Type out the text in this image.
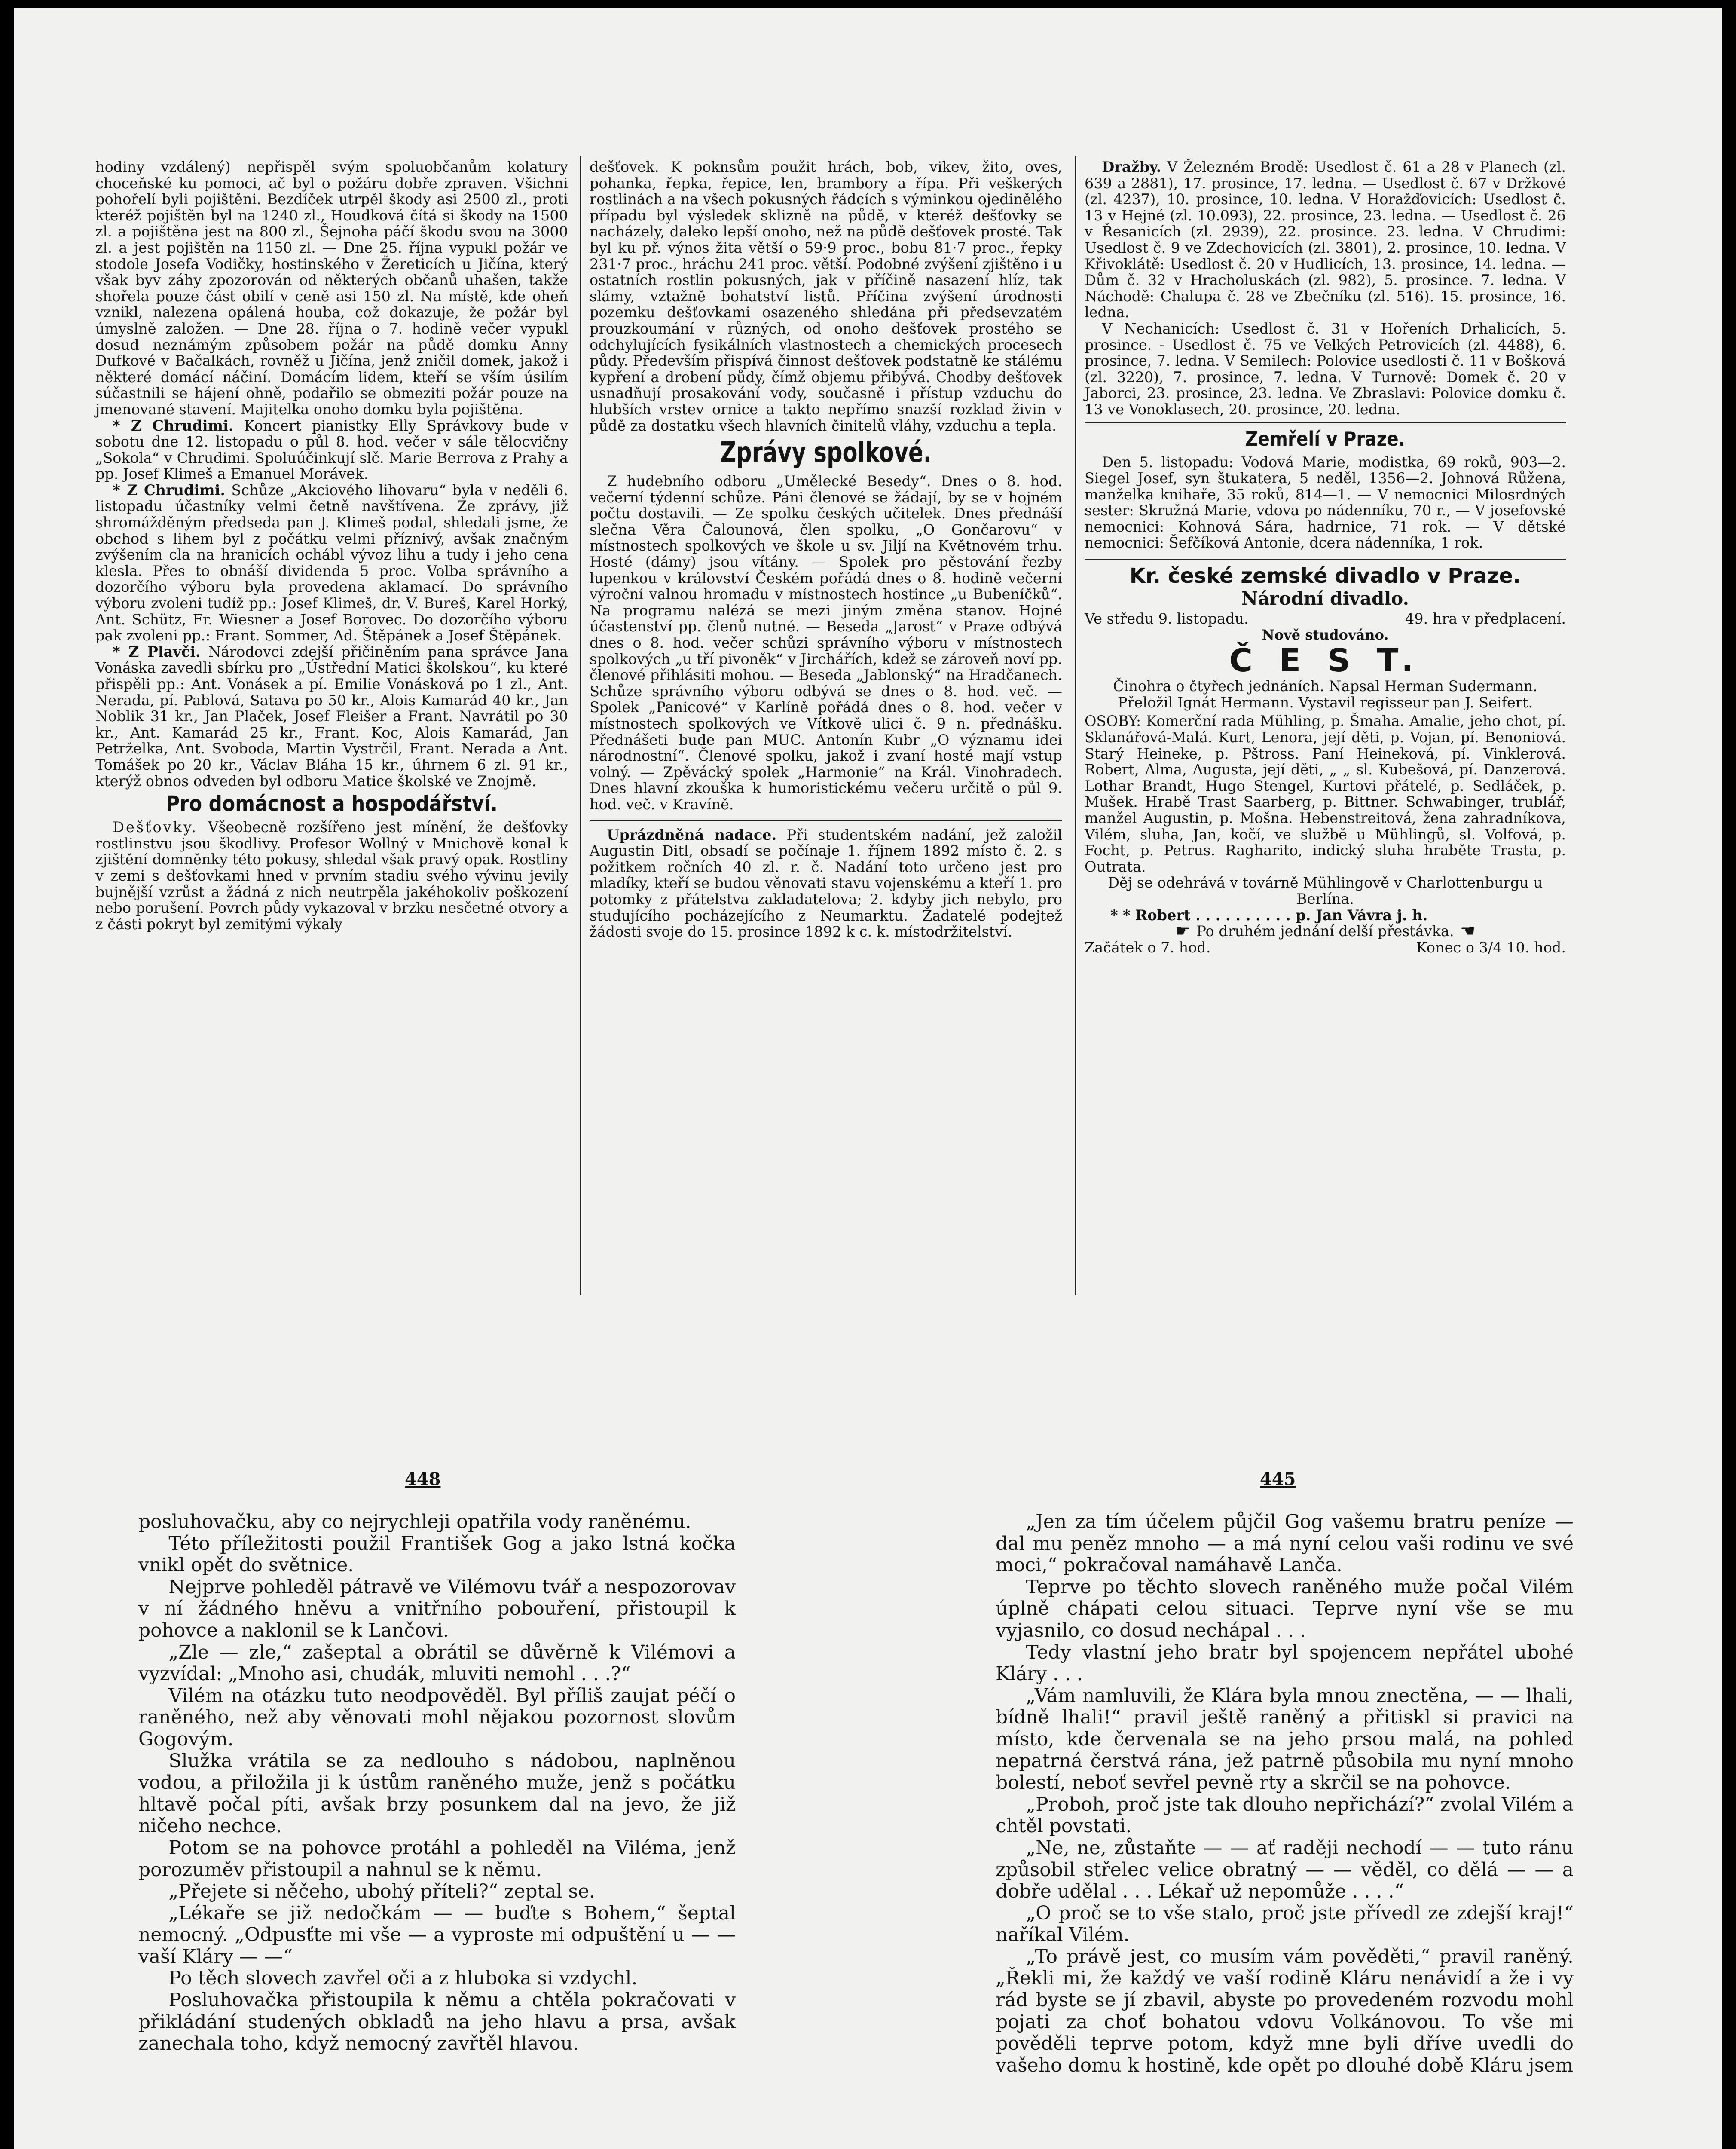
hodiny vzdálený) nepřispěl svým spoluobčanům kolatury choceňské ku pomoci, ač byl o požáru dobře zpraven. Všichni pohořelí byli pojištěni. Bezdíček utrpěl škody asi 2500 zl., proti kteréž pojištěn byl na 1240 zl., Houdková čítá si škody na 1500 zl. a pojištěna jest na 800 zl., Šejnoha páčí škodu svou na 3000 zl. a jest pojištěn na 1150 zl. — Dne 25. října vypukl požár ve stodole Josefa Vodičky, hostinského v Žereticích u Jičína, který však byv záhy zpozorován od některých občanů uhašen, takže shořela pouze část obilí v ceně asi 150 zl. Na místě, kde oheň vznikl, nalezena opálená houba, což dokazuje, že požár byl úmyslně založen. — Dne 28. října o 7. hodině večer vypukl dosud neznámým způsobem požár na půdě domku Anny Dufkové v Bačalkách, rovněž u Jičína, jenž zničil domek, jakož i některé domácí náčiní. Domácím lidem, kteří se vším úsilím súčastnili se hájení ohně, podařilo se obmeziti požár pouze na jmenované stavení. Majitelka onoho domku byla pojištěna.

* Z Chrudimi. Koncert pianistky Elly Správkovy bude v sobotu dne 12. listopadu o půl 8. hod. večer v sále tělocvičny „Sokola“ v Chrudimi. Spoluúčinkují slč. Marie Berrova z Prahy a pp. Josef Klimeš a Emanuel Morávek.

* Z Chrudimi. Schůze „Akciového lihovaru“ byla v neděli 6. listopadu účastníky velmi četně navštívena. Ze zprávy, již shromážděným předseda pan J. Klimeš podal, shledali jsme, že obchod s lihem byl z počátku velmi příznivý, avšak značným zvýšením cla na hranicích ochábl vývoz lihu a tudy i jeho cena klesla. Přes to obnáší dividenda 5 proc. Volba správního a dozorčího výboru byla provedena aklamací. Do správního výboru zvoleni tudíž pp.: Josef Klimeš, dr. V. Bureš, Karel Horký, Ant. Schütz, Fr. Wiesner a Josef Borovec. Do dozorčího výboru pak zvoleni pp.: Frant. Sommer, Ad. Štěpánek a Josef Štěpánek.

* Z Plavči. Národovci zdejší přičiněním pana správce Jana Vonáska zavedli sbírku pro „Ústřední Matici školskou“, ku které přispěli pp.: Ant. Vonásek a pí. Emilie Vonásková po 1 zl., Ant. Nerada, pí. Pablová, Satava po 50 kr., Alois Kamarád 40 kr., Jan Noblik 31 kr., Jan Plaček, Josef Fleišer a Frant. Navrátil po 30 kr., Ant. Kamarád 25 kr., Frant. Koc, Alois Kamarád, Jan Petrželka, Ant. Svoboda, Martin Vystrčil, Frant. Nerada a Ant. Tomášek po 20 kr., Václav Bláha 15 kr., úhrnem 6 zl. 91 kr., kterýž obnos odveden byl odboru Matice školské ve Znojmě.

Pro domácnost a hospodářství.

Dešťovky. Všeobecně rozšířeno jest mínění, že dešťovky rostlinstvu jsou škodlivy. Profesor Wollný v Mnichově konal k zjištění domněnky této pokusy, shledal však pravý opak. Rostliny v zemi s dešťovkami hned v prvním stadiu svého vývinu jevily bujnější vzrůst a žádná z nich neutrpěla jakéhokoliv poškození nebo porušení. Povrch půdy vykazoval v brzku nesčetné otvory a z části pokryt byl zemitými výkaly

dešťovek. K poknsům použit hrách, bob, vikev, žito, oves, pohanka, řepka, řepice, len, brambory a řípa. Při veškerých rostlinách a na všech pokusných řádcích s výminkou ojedinělého případu byl výsledek sklizně na půdě, v kteréž dešťovky se nacházely, daleko lepší onoho, než na půdě dešťovek prosté. Tak byl ku př. výnos žita větší o 59·9 proc., bobu 81·7 proc., řepky 231·7 proc., hráchu 241 proc. větší. Podobné zvýšení zjištěno i u ostatních rostlin pokusných, jak v příčině nasazení hlíz, tak slámy, vztažně bohatství listů. Příčina zvýšení úrodnosti pozemku dešťovkami osazeného shledána při předsevzatém prouzkoumání v různých, od onoho dešťovek prostého se odchylujících fysikálních vlastnostech a chemických procesech půdy. Především přispívá činnost dešťovek podstatně ke stálému kypření a drobení půdy, čímž objemu přibývá. Chodby dešťovek usnadňují prosakování vody, současně i přístup vzduchu do hlubších vrstev ornice a takto nepřímo snazší rozklad živin v půdě za dostatku všech hlavních činitelů vláhy, vzduchu a tepla.

Zprávy spolkové.

Z hudebního odboru „Umělecké Besedy“. Dnes o 8. hod. večerní týdenní schůze. Páni členové se žádají, by se v hojném počtu dostavili. — Ze spolku českých učitelek. Dnes přednáší slečna Věra Čalounová, člen spolku, „O Gončarovu“ v místnostech spolkových ve škole u sv. Jiljí na Květnovém trhu. Hosté (dámy) jsou vítány. — Spolek pro pěstování řezby lupenkou v království Českém pořádá dnes o 8. hodině večerní výroční valnou hromadu v místnostech hostince „u Bubeníčků“. Na programu nalézá se mezi jiným změna stanov. Hojné účastenství pp. členů nutné. — Beseda „Jarost“ v Praze odbývá dnes o 8. hod. večer schůzi správního výboru v místnostech spolkových „u tří pivoněk“ v Jirchářích, kdež se zároveň noví pp. členové přihlásiti mohou. — Beseda „Jablonský“ na Hradčanech. Schůze správního výboru odbývá se dnes o 8. hod. več. — Spolek „Panicové“ v Karlíně pořádá dnes o 8. hod. večer v místnostech spolkových ve Vítkově ulici č. 9 n. přednášku. Přednášeti bude pan MUC. Antonín Kubr „O významu idei národnostní“. Členové spolku, jakož i zvaní hosté mají vstup volný. — Zpěvácký spolek „Harmonie“ na Král. Vinohradech. Dnes hlavní zkouška k humoristickému večeru určitě o půl 9. hod. več. v Kravíně.

Uprázdněná nadace. Při studentském nadání, jež založil Augustin Ditl, obsadí se počínaje 1. říjnem 1892 místo č. 2. s požitkem ročních 40 zl. r. č. Nadání toto určeno jest pro mladíky, kteří se budou věnovati stavu vojenskému a kteří 1. pro potomky z přátelstva zakladatelova; 2. kdyby jich nebylo, pro studujícího pocházejícího z Neumarktu. Žadatelé podejtež žádosti svoje do 15. prosince 1892 k c. k. místodržitelství.

Dražby. V Železném Brodě: Usedlost č. 61 a 28 v Planech (zl. 639 a 2881), 17. prosince, 17. ledna. — Usedlost č. 67 v Držkové (zl. 4237), 10. prosince, 10. ledna. V Horažďovicích: Usedlost č. 13 v Hejné (zl. 10.093), 22. prosince, 23. ledna. — Usedlost č. 26 v Řesanicích (zl. 2939), 22. prosince. 23. ledna. V Chrudimi: Usedlost č. 9 ve Zdechovicích (zl. 3801), 2. prosince, 10. ledna. V Křivoklátě: Usedlost č. 20 v Hudlicích, 13. prosince, 14. ledna. — Dům č. 32 v Hracholuskách (zl. 982), 5. prosince. 7. ledna. V Náchodě: Chalupa č. 28 ve Zbečníku (zl. 516). 15. prosince, 16. ledna.

V Nechanicích: Usedlost č. 31 v Hořeních Drhalicích, 5. prosince. - Usedlost č. 75 ve Velkých Petrovicích (zl. 4488), 6. prosince, 7. ledna. V Semilech: Polovice usedlosti č. 11 v Bošková (zl. 3220), 7. prosince, 7. ledna. V Turnově: Domek č. 20 v Jaborci, 23. prosince, 23. ledna. Ve Zbraslavi: Polovice domku č. 13 ve Vonoklasech, 20. prosince, 20. ledna.

Zemřelí v Praze.

Den 5. listopadu: Vodová Marie, modistka, 69 roků, 903—2. Siegel Josef, syn štukatera, 5 neděl, 1356—2. Johnová Růžena, manželka knihaře, 35 roků, 814—1. — V nemocnici Milosrdných sester: Skružná Marie, vdova po nádenníku, 70 r., — V josefovské nemocnici: Kohnová Sára, hadrnice, 71 rok. — V dětské nemocnici: Šefčíková Antonie, dcera nádenníka, 1 rok.

Kr. české zemské divadlo v Praze.
Národní divadlo.
Ve středu 9. listopadu.	49. hra v předplacení.
Nově studováno.
Č E S T.

Činohra o čtyřech jednáních. Napsal Herman Sudermann. Přeložil Ignát Hermann. Vystavil regisseur pan J. Seifert.

OSOBY: Komerční rada Mühling, p. Šmaha. Amalie, jeho chot, pí. Sklanářová-Malá. Kurt, Lenora, její děti, p. Vojan, pí. Benoniová. Starý Heineke, p. Pštross. Paní Heineková, pí. Vinklerová. Robert, Alma, Augusta, její děti, „ „ sl. Kubešová, pí. Danzerová. Lothar Brandt, Hugo Stengel, Kurtovi přátelé, p. Sedláček, p. Mušek. Hrabě Trast Saarberg, p. Bittner. Schwabinger, trublář, manžel Augustin, p. Mošna. Hebenstreitová, žena zahradníkova, Vilém, sluha, Jan, kočí, ve službě u Mühlingů, sl. Volfová, p. Focht, p. Petrus. Ragharito, indický sluha hraběte Trasta, p. Outrata.

Děj se odehrává v továrně Mühlingově v Charlottenburgu u Berlína.

* * Robert . . . . . . . . . . p. Jan Vávra j. h.

☛ Po druhém jednání delší přestávka. ☚
Začátek o 7. hod.	Konec o 3/4 10. hod.
448	445

posluhovačku, aby co nejrychleji opatřila vody raněnému.

Této příležitosti použil František Gog a jako lstná kočka vnikl opět do světnice.

Nejprve pohleděl pátravě ve Vilémovu tvář a nespozorovav v ní žádného hněvu a vnitřního pobouření, přistoupil k pohovce a naklonil se k Lančovi.

„Zle — zle,“ zašeptal a obrátil se důvěrně k Vilémovi a vyzvídal: „Mnoho asi, chudák, mluviti nemohl . . .?“

Vilém na otázku tuto neodpověděl. Byl příliš zaujat péčí o raněného, než aby věnovati mohl nějakou pozornost slovům Gogovým.

Služka vrátila se za nedlouho s nádobou, naplněnou vodou, a přiložila ji k ústům raněného muže, jenž s počátku hltavě počal píti, avšak brzy posunkem dal na jevo, že již ničeho nechce.

Potom se na pohovce protáhl a pohleděl na Viléma, jenž porozuměv přistoupil a nahnul se k němu.

„Přejete si něčeho, ubohý příteli?“ zeptal se.

„Lékaře se již nedočkám — — buďte s Bohem,“ šeptal nemocný. „Odpusťte mi vše — a vyproste mi odpuštění u — — vaší Kláry — —“

Po těch slovech zavřel oči a z hluboka si vzdychl.

Posluhovačka přistoupila k němu a chtěla pokračovati v přikládání studených obkladů na jeho hlavu a prsa, avšak zanechala toho, když nemocný zavřtěl hlavou.

„Jen za tím účelem půjčil Gog vašemu bratru peníze — dal mu peněz mnoho — a má nyní celou vaši rodinu ve své moci,“ pokračoval namáhavě Lanča.

Teprve po těchto slovech raněného muže počal Vilém úplně chápati celou situaci. Teprve nyní vše se mu vyjasnilo, co dosud nechápal . . .

Tedy vlastní jeho bratr byl spojencem nepřátel ubohé Kláry . . .

„Vám namluvili, že Klára byla mnou znectěna, — — lhali, bídně lhali!“ pravil ještě raněný a přitiskl si pravici na místo, kde červenala se na jeho prsou malá, na pohled nepatrná čerstvá rána, jež patrně působila mu nyní mnoho bolestí, neboť sevřel pevně rty a skrčil se na pohovce.

„Proboh, proč jste tak dlouho nepřichází?“ zvolal Vilém a chtěl povstati.

„Ne, ne, zůstaňte — — ať raději nechodí — — tuto ránu způsobil střelec velice obratný — — věděl, co dělá — — a dobře udělal . . . Lékař už nepomůže . . . .“

„O proč se to vše stalo, proč jste přívedl ze zdejší kraj!“ naříkal Vilém.

„To právě jest, co musím vám pověděti,“ pravil raněný. „Řekli mi, že každý ve vaší rodině Kláru nenávidí a že i vy rád byste se jí zbavil, abyste po provedeném rozvodu mohl pojati za choť bohatou vdovu Volkánovou. To vše mi pověděli teprve potom, když mne byli dříve uvedli do vašeho domu k hostině, kde opět po dlouhé době Kláru jsem
